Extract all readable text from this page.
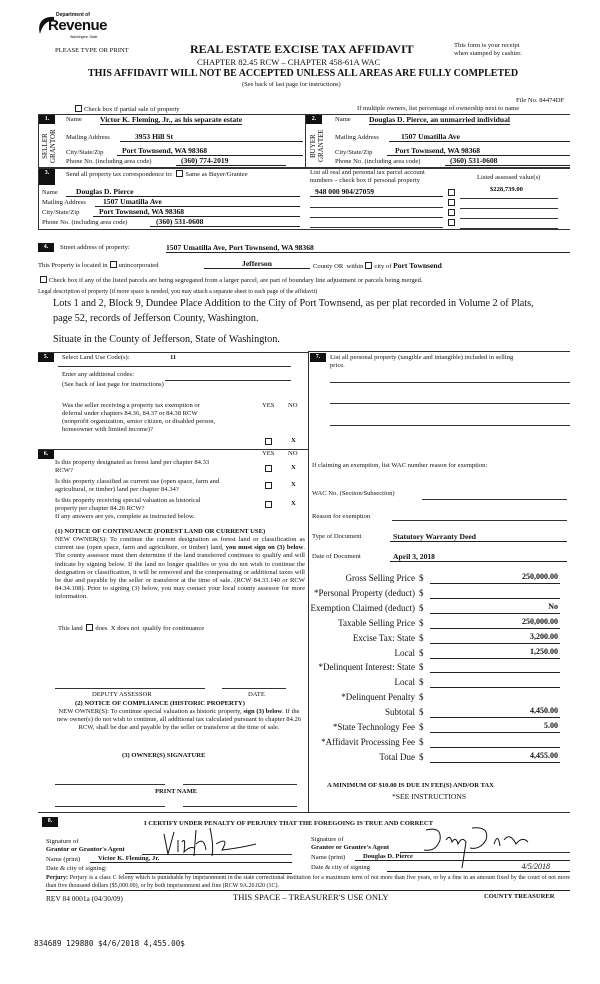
Department of
Revenue
Washington State
PLEASE TYPE OR PRINT	REAL ESTATE EXCISE TAX AFFIDAVIT
CHAPTER 82.45 RCW – CHAPTER 458-61A WAC
This form is your receipt
when stamped by cashier.
THIS AFFIDAVIT WILL NOT BE ACCEPTED UNLESS ALL AREAS ARE FULLY COMPLETED
(See back of last page for instructions)
File No. 84474DF
Check box if partial sale of property	If multiple owners, list percentage of ownership next to name
1.
SELLER
GRANTOR
Name Victor K. Fleming, Jr., as his separate estate
Mailing Address	3953 Hill St
City/State/Zip	Port Townsend, WA 98368
Phone No. (including area code)	(360) 774-2019
2.
BUYER
GRANTEE
Name Douglas D. Pierce, an unmarried individual
Mailing Address	1507 Umatilla Ave
City/State/Zip	Port Townsend, WA 98368
Phone No. (including area code)	(360) 531-0608
3.	Send all property tax correspondence to: Same as Buyer/Grantee	List all real and personal tax parcel account
numbers – check box if personal property	Listed assessed value(s)
Name	Douglas D. Pierce
Mailing Address	1507 Umatilla Ave
City/State/Zip	Port Townsend, WA 98368
Phone No. (including area code)	(360) 531-0608
948 000 904/27059	$228,739.00
4.	Street address of property:	1507 Umatilla Ave, Port Townsend, WA 98368
This Property is located in unincorporated	Jefferson	County OR within city of Port Townsend
Check box if any of the listed parcels are being segregated from a larger parcel, are part of boundary line adjustment or parcels being merged.
Legal description of property (if more space is needed, you may attach a separate sheet to each page of the affidavit)
Lots 1 and 2, Block 9, Dundee Place Addition to the City of Port Townsend, as per plat recorded in Volume 2 of Plats,
page 52, records of Jefferson County, Washington.
Situate in the County of Jefferson, State of Washington.
5.	Select Land Use Code(s):	11
Enter any additional codes:
(See back of last page for instructions)
YES NO
Was the seller receiving a property tax exemption or
deferral under chapters 84.36, 84.37 or 84.38 RCW
(nonprofit organization, senior citizen, or disabled person,
homeowner with limited income)?
X
6.	YES NO
Is this property designated as forest land per chapter 84.33
RCW?	X
Is this property classified as current use (open space, farm and
agricultural, or timber) land per chapter 84.34?
X
Is this property receiving special valuation as historical
property per chapter 84.26 RCW?
X
If any answers are yes, complete as instructed below.
(1) NOTICE OF CONTINUANCE (FOREST LAND OR CURRENT USE)
NEW OWNER(S): To continue the current designation as forest land or classification as current use (open space, farm and agriculture, or timber) land, you must sign on (3) below. The county assessor must then determine if the land transferred continues to qualify and will indicate by signing below. If the land no longer qualifies or you do not wish to continue the designation or classification, it will be removed and the compensating or additional taxes will be due and payable by the seller or transferor at the time of sale. (RCW 84.33.140 or RCW 84.34.108). Prior to signing (3) below, you may contact your local county assessor for more information.
This land does X does not qualify for continuance
DEPUTY ASSESSOR	DATE
(2) NOTICE OF COMPLIANCE (HISTORIC PROPERTY)
NEW OWNER(S): To continue special valuation as historic property, sign (3) below. If the new owner(s) do not wish to continue, all additional tax calculated pursuant to chapter 84.26 RCW, shall be due and payable by the seller or transferor at the time of sale.
(3) OWNER(S) SIGNATURE
PRINT NAME
7.	List all personal property (tangible and intangible) included in selling
price.
If claiming an exemption, list WAC number reason for exemption:
WAC No. (Section/Subsection)
Reason for exemption
Type of Document	Statutory Warranty Deed
Date of Document	April 3, 2018
Gross Selling Price $	250,000.00
*Personal Property (deduct) $
Exemption Claimed (deduct) $	No
Taxable Selling Price $	250,000.00
Excise Tax: State $	3,200.00
Local $	1,250.00
*Delinquent Interest: State $
Local $
*Delinquent Penalty $
Subtotal $	4,450.00
*State Technology Fee $	5.00
*Affidavit Processing Fee $
Total Due $	4,455.00
A MINIMUM OF $10.00 IS DUE IN FEE(S) AND/OR TAX
*SEE INSTRUCTIONS
8.	I CERTIFY UNDER PENALTY OF PERJURY THAT THE FOREGOING IS TRUE AND CORRECT
Signature of
Grantor or Grantor's Agent
Name (print)	Victor K. Fleming, Jr.
Date & city of signing:
Signature of
Grantee or Grantee's Agent
Name (print)	Douglas D. Pierce
Date & city of signing	4/5/2018
Perjury: Perjury is a class C felony which is punishable by imprisonment in the state correctional institution for a maximum term of not more than five years, or by a fine in an amount fixed by the court of not more than five thousand dollars ($5,000.00), or by both imprisonment and fine (RCW 9A.20.020 (1C).
REV 84 0001a (04/30/09)	THIS SPACE – TREASURER'S USE ONLY	COUNTY TREASURER
834689 129880 $4/6/2018 4,455.00$
